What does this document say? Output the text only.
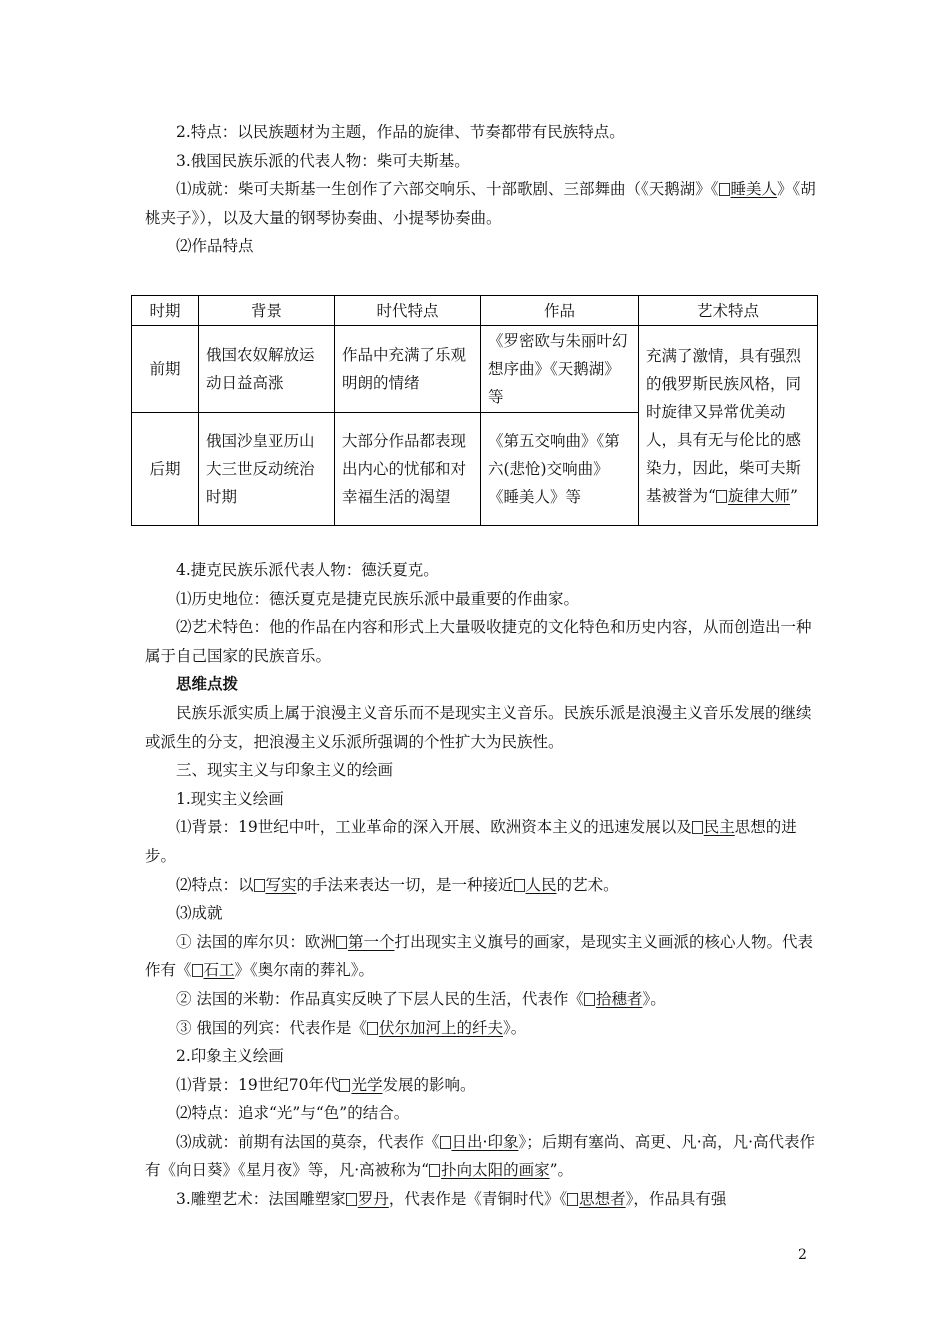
2.特点：以民族题材为主题，作品的旋律、节奏都带有民族特点。

3.俄国民族乐派的代表人物：柴可夫斯基。

⑴成就：柴可夫斯基一生创作了六部交响乐、十部歌剧、三部舞曲（《天鹅湖》《 睡美人》《胡桃夹子》），以及大量的钢琴协奏曲、小提琴协奏曲。

⑵作品特点

时期	背景	时代特点	作品	艺术特点
前期	俄国农奴解放运动日益高涨	作品中充满了乐观明朗的情绪	《罗密欧与朱丽叶幻想序曲》《天鹅湖》等	充满了激情，具有强烈的俄罗斯民族风格，同时旋律又异常优美动人，具有无与伦比的感染力，因此，柴可夫斯基被誉为“ 旋律大师”
后期	俄国沙皇亚历山大三世反动统治时期	大部分作品都表现出内心的忧郁和对幸福生活的渴望	《第五交响曲》《第六(悲怆)交响曲》《睡美人》等	

4.捷克民族乐派代表人物：德沃夏克。

⑴历史地位：德沃夏克是捷克民族乐派中最重要的作曲家。

⑵艺术特色：他的作品在内容和形式上大量吸收捷克的文化特色和历史内容，从而创造出一种属于自己国家的民族音乐。

思维点拨

民族乐派实质上属于浪漫主义音乐而不是现实主义音乐。民族乐派是浪漫主义音乐发展的继续或派生的分支，把浪漫主义乐派所强调的个性扩大为民族性。

三、现实主义与印象主义的绘画

1.现实主义绘画

⑴背景：19世纪中叶，工业革命的深入开展、欧洲资本主义的迅速发展以及 民主思想的进步。

⑵特点：以 写实的手法来表达一切，是一种接近 人民的艺术。

⑶成就

① 法国的库尔贝：欧洲 第一个打出现实主义旗号的画家，是现实主义画派的核心人物。代表作有《 石工》《奥尔南的葬礼》。

② 法国的米勒：作品真实反映了下层人民的生活，代表作《 拾穗者》。

③ 俄国的列宾：代表作是《 伏尔加河上的纤夫》。

2.印象主义绘画

⑴背景：19世纪70年代 光学发展的影响。

⑵特点：追求“光”与“色”的结合。

⑶成就：前期有法国的莫奈，代表作《 日出·印象》；后期有塞尚、高更、凡·高，凡·高代表作有《向日葵》《星月夜》等，凡·高被称为“ 扑向太阳的画家”。

3.雕塑艺术：法国雕塑家 罗丹，代表作是《青铜时代》《 思想者》，作品具有强

2
